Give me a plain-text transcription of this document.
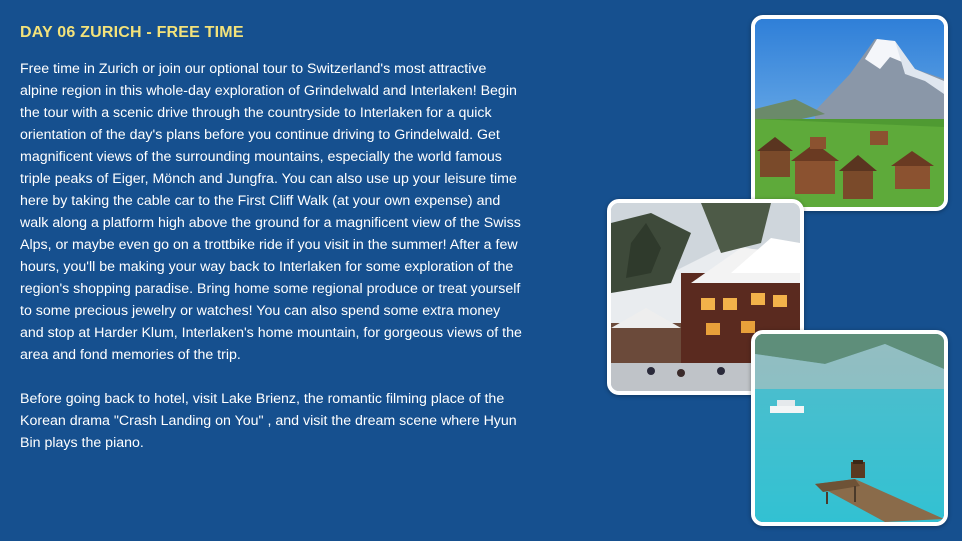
DAY 06 ZURICH - FREE TIME

Free time in Zurich or join our optional tour to Switzerland's most attractive alpine region in this whole-day exploration of Grindelwald and Interlaken! Begin the tour with a scenic drive through the countryside to Interlaken for a quick orientation of the day's plans before you continue driving to Grindelwald. Get magnificent views of the surrounding mountains, especially the world famous triple peaks of Eiger, Mönch and Jungfra. You can also use up your leisure time here by taking the cable car to the First Cliff Walk (at your own expense) and walk along a platform high above the ground for a magnificent view of the Swiss Alps, or maybe even go on a trottbike ride if you visit in the summer! After a few hours, you'll be making your way back to Interlaken for some exploration of the region's shopping paradise. Bring home some regional produce or treat yourself to some precious jewelry or watches! You can also spend some extra money and stop at Harder Klum, Interlaken's home mountain, for gorgeous views of the area and fond memories of the trip.

Before going back to hotel, visit Lake Brienz, the romantic filming place of the Korean drama "Crash Landing on You" , and visit the dream scene where Hyun Bin plays the piano.
